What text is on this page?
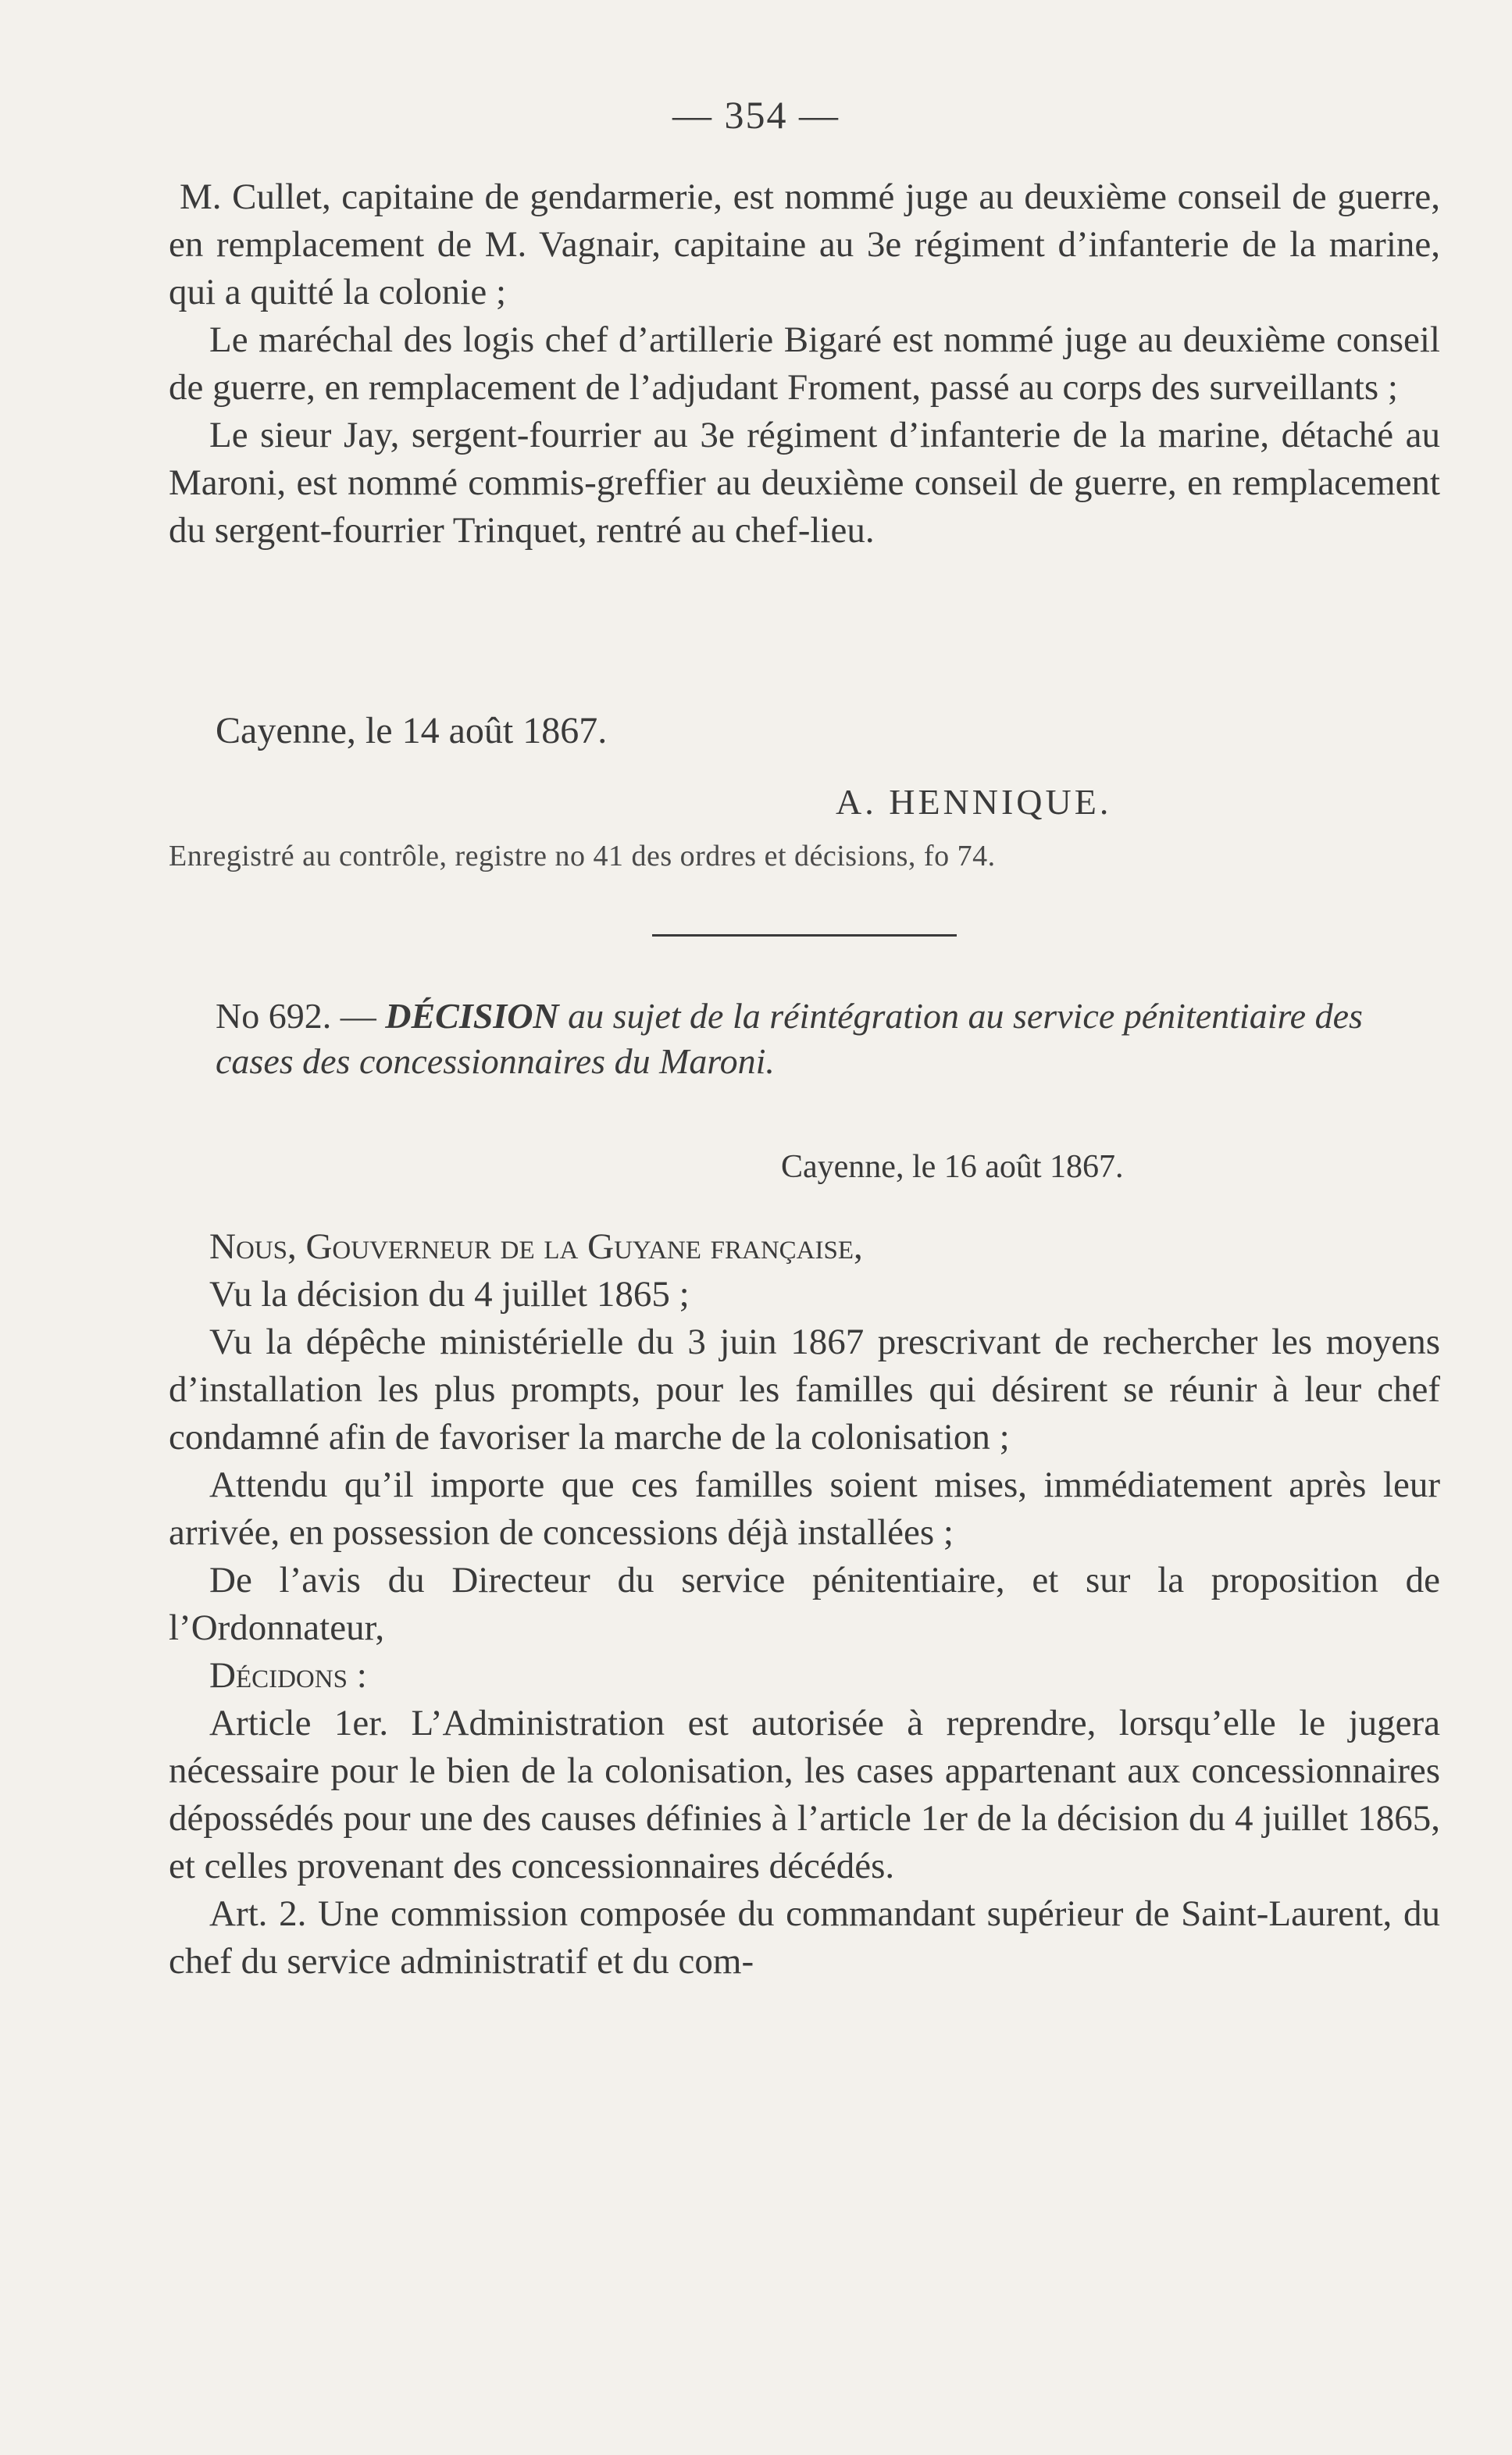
— 354 —

M. Cullet, capitaine de gendarmerie, est nommé juge au deuxième conseil de guerre, en remplacement de M. Vagnair, capitaine au 3e régiment d’infanterie de la marine, qui a quitté la colonie ;

Le maréchal des logis chef d’artillerie Bigaré est nommé juge au deuxième conseil de guerre, en remplacement de l’adjudant Froment, passé au corps des surveillants ;

Le sieur Jay, sergent-fourrier au 3e régiment d’infanterie de la marine, détaché au Maroni, est nommé commis-greffier au deuxième conseil de guerre, en remplacement du sergent-fourrier Trinquet, rentré au chef-lieu.

Cayenne, le 14 août 1867.
A. HENNIQUE.
Enregistré au contrôle, registre no 41 des ordres et décisions, fo 74.
No 692. — DÉCISION au sujet de la réintégration au service pénitentiaire des cases des concessionnaires du Maroni.
Cayenne, le 16 août 1867.

Nous, Gouverneur de la Guyane française,

Vu la décision du 4 juillet 1865 ;

Vu la dépêche ministérielle du 3 juin 1867 prescrivant de rechercher les moyens d’installation les plus prompts, pour les familles qui désirent se réunir à leur chef condamné afin de favoriser la marche de la colonisation ;

Attendu qu’il importe que ces familles soient mises, immédiatement après leur arrivée, en possession de concessions déjà installées ;

De l’avis du Directeur du service pénitentiaire, et sur la proposition de l’Ordonnateur,

Décidons :

Article 1er. L’Administration est autorisée à reprendre, lorsqu’elle le jugera nécessaire pour le bien de la colonisation, les cases appartenant aux concessionnaires dépossédés pour une des causes définies à l’article 1er de la décision du 4 juillet 1865, et celles provenant des concessionnaires décédés.

Art. 2. Une commission composée du commandant supérieur de Saint-Laurent, du chef du service administratif et du com-
